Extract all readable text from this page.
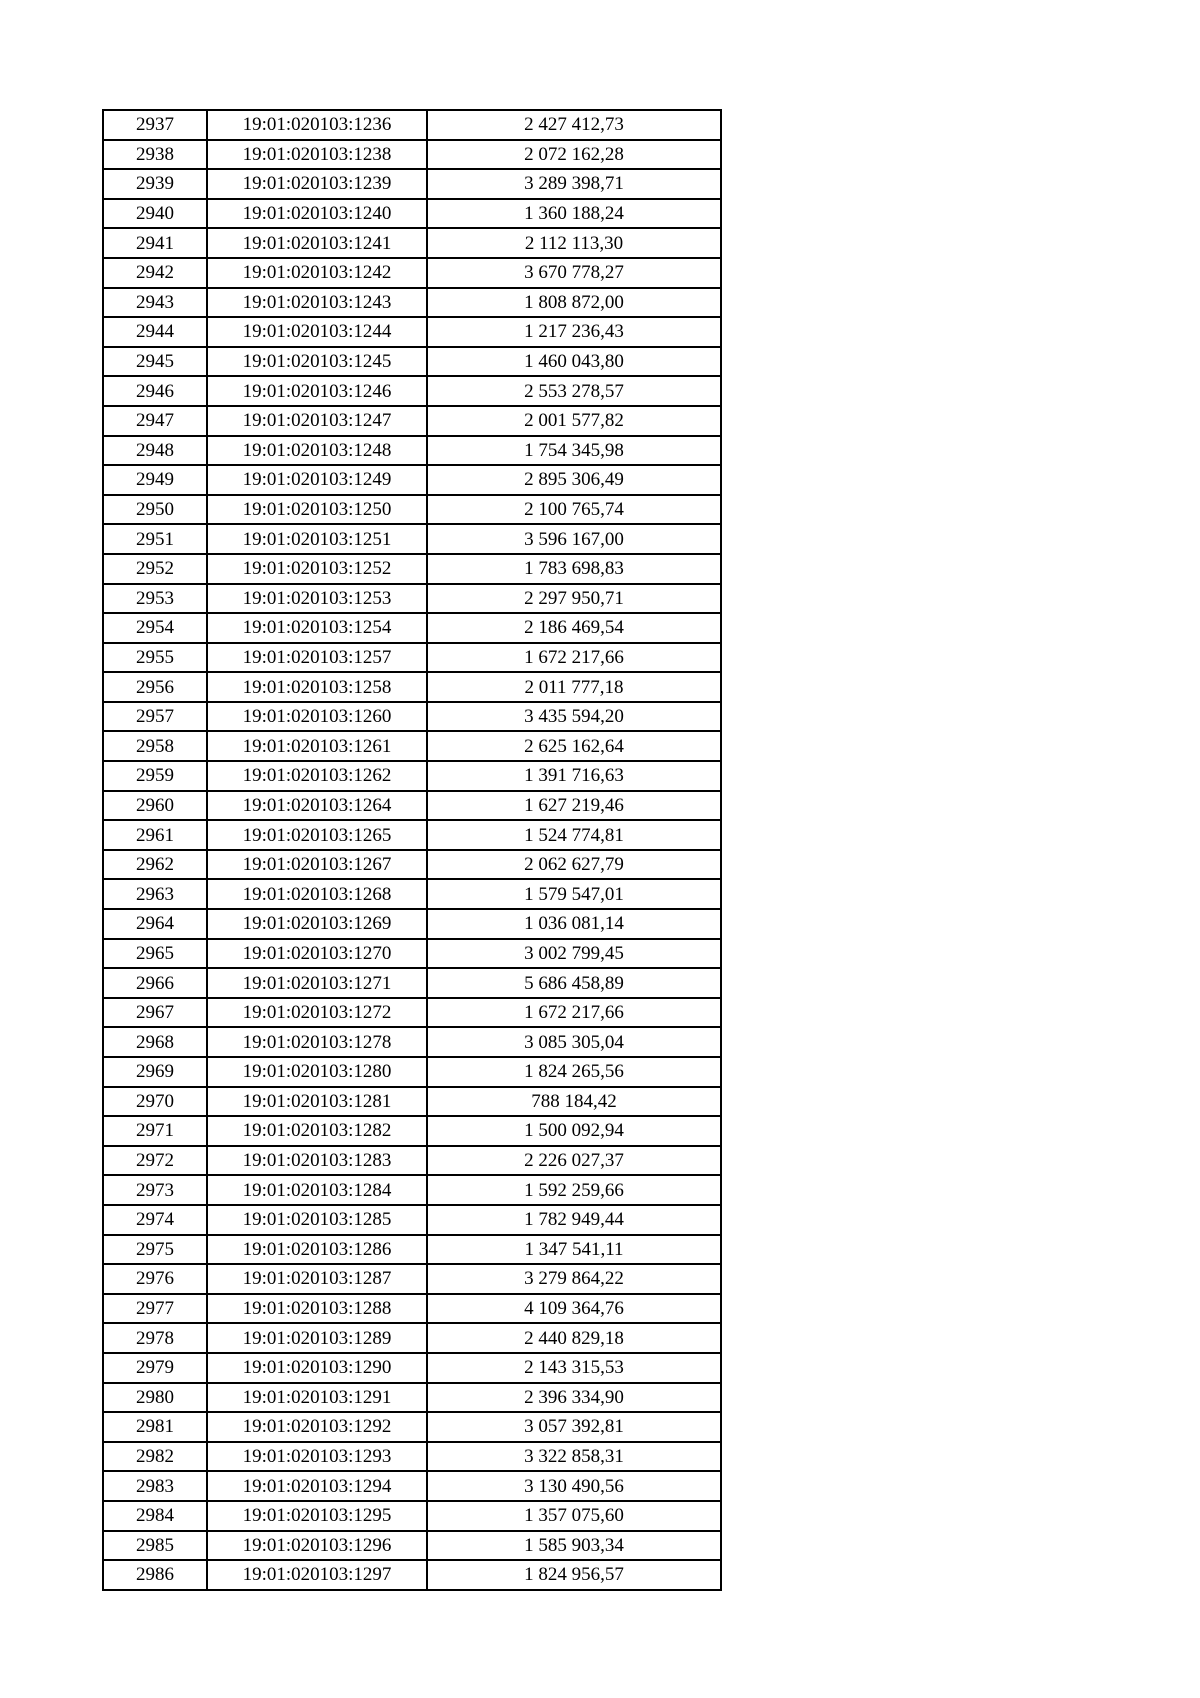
2937	19:01:020103:1236	2 427 412,73
2938	19:01:020103:1238	2 072 162,28
2939	19:01:020103:1239	3 289 398,71
2940	19:01:020103:1240	1 360 188,24
2941	19:01:020103:1241	2 112 113,30
2942	19:01:020103:1242	3 670 778,27
2943	19:01:020103:1243	1 808 872,00
2944	19:01:020103:1244	1 217 236,43
2945	19:01:020103:1245	1 460 043,80
2946	19:01:020103:1246	2 553 278,57
2947	19:01:020103:1247	2 001 577,82
2948	19:01:020103:1248	1 754 345,98
2949	19:01:020103:1249	2 895 306,49
2950	19:01:020103:1250	2 100 765,74
2951	19:01:020103:1251	3 596 167,00
2952	19:01:020103:1252	1 783 698,83
2953	19:01:020103:1253	2 297 950,71
2954	19:01:020103:1254	2 186 469,54
2955	19:01:020103:1257	1 672 217,66
2956	19:01:020103:1258	2 011 777,18
2957	19:01:020103:1260	3 435 594,20
2958	19:01:020103:1261	2 625 162,64
2959	19:01:020103:1262	1 391 716,63
2960	19:01:020103:1264	1 627 219,46
2961	19:01:020103:1265	1 524 774,81
2962	19:01:020103:1267	2 062 627,79
2963	19:01:020103:1268	1 579 547,01
2964	19:01:020103:1269	1 036 081,14
2965	19:01:020103:1270	3 002 799,45
2966	19:01:020103:1271	5 686 458,89
2967	19:01:020103:1272	1 672 217,66
2968	19:01:020103:1278	3 085 305,04
2969	19:01:020103:1280	1 824 265,56
2970	19:01:020103:1281	788 184,42
2971	19:01:020103:1282	1 500 092,94
2972	19:01:020103:1283	2 226 027,37
2973	19:01:020103:1284	1 592 259,66
2974	19:01:020103:1285	1 782 949,44
2975	19:01:020103:1286	1 347 541,11
2976	19:01:020103:1287	3 279 864,22
2977	19:01:020103:1288	4 109 364,76
2978	19:01:020103:1289	2 440 829,18
2979	19:01:020103:1290	2 143 315,53
2980	19:01:020103:1291	2 396 334,90
2981	19:01:020103:1292	3 057 392,81
2982	19:01:020103:1293	3 322 858,31
2983	19:01:020103:1294	3 130 490,56
2984	19:01:020103:1295	1 357 075,60
2985	19:01:020103:1296	1 585 903,34
2986	19:01:020103:1297	1 824 956,57
